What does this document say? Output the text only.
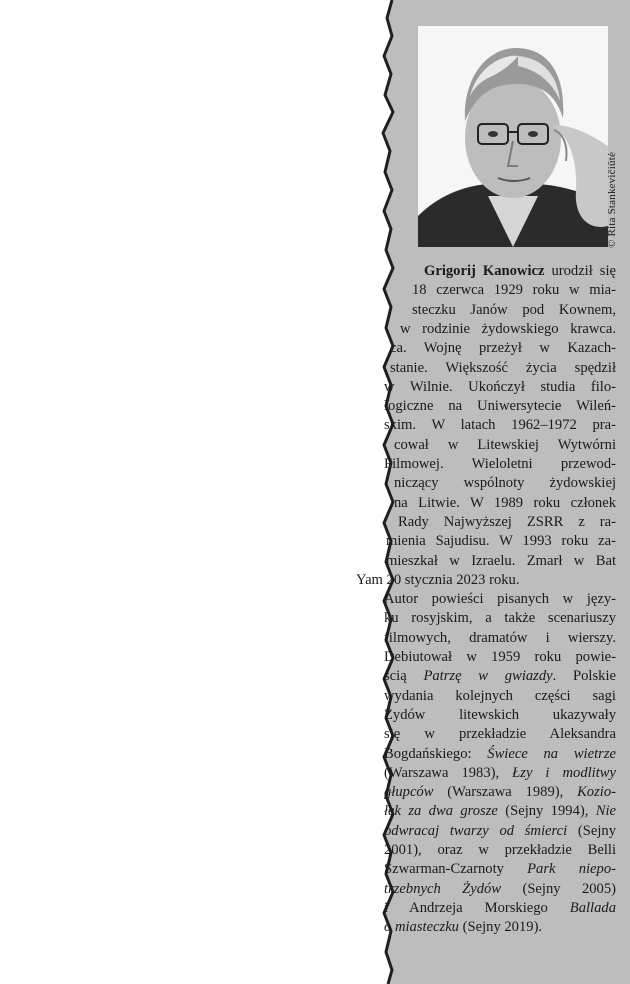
© Rita Stankevičiūtė
Grigorij Kanowicz urodził się
18 czerwca 1929 roku w mia-
steczku Janów pod Kownem,
w rodzinie żydowskiego krawca.
ca. Wojnę przeżył w Kazach-
stanie. Większość życia spędził
w Wilnie. Ukończył studia filo-
logiczne na Uniwersytecie Wileń-
skim. W latach 1962–1972 pra-
cował w Litewskiej Wytwórni
Filmowej. Wieloletni przewod-
niczący wspólnoty żydowskiej
na Litwie. W 1989 roku członek
Rady Najwyższej ZSRR z ra-
mienia Sajudisu. W 1993 roku za-
mieszkał w Izraelu. Zmarł w Bat
Yam 20 stycznia 2023 roku.
Autor powieści pisanych w języ-
ku rosyjskim, a także scenariuszy
filmowych, dramatów i wierszy.
Debiutował w 1959 roku powie-
ścią Patrzę w gwiazdy. Polskie
wydania kolejnych części sagi
Żydów litewskich ukazywały
się w przekładzie Aleksandra
Bogdańskiego: Świece na wietrze
(Warszawa 1983), Łzy i modlitwy
głupców (Warszawa 1989), Kozio-
łek za dwa grosze (Sejny 1994), Nie
odwracaj twarzy od śmierci (Sejny
2001), oraz w przekładzie Belli
Szwarman-Czarnoty Park niepo-
trzebnych Żydów (Sejny 2005)
i Andrzeja Morskiego Ballada
o miasteczku (Sejny 2019).
